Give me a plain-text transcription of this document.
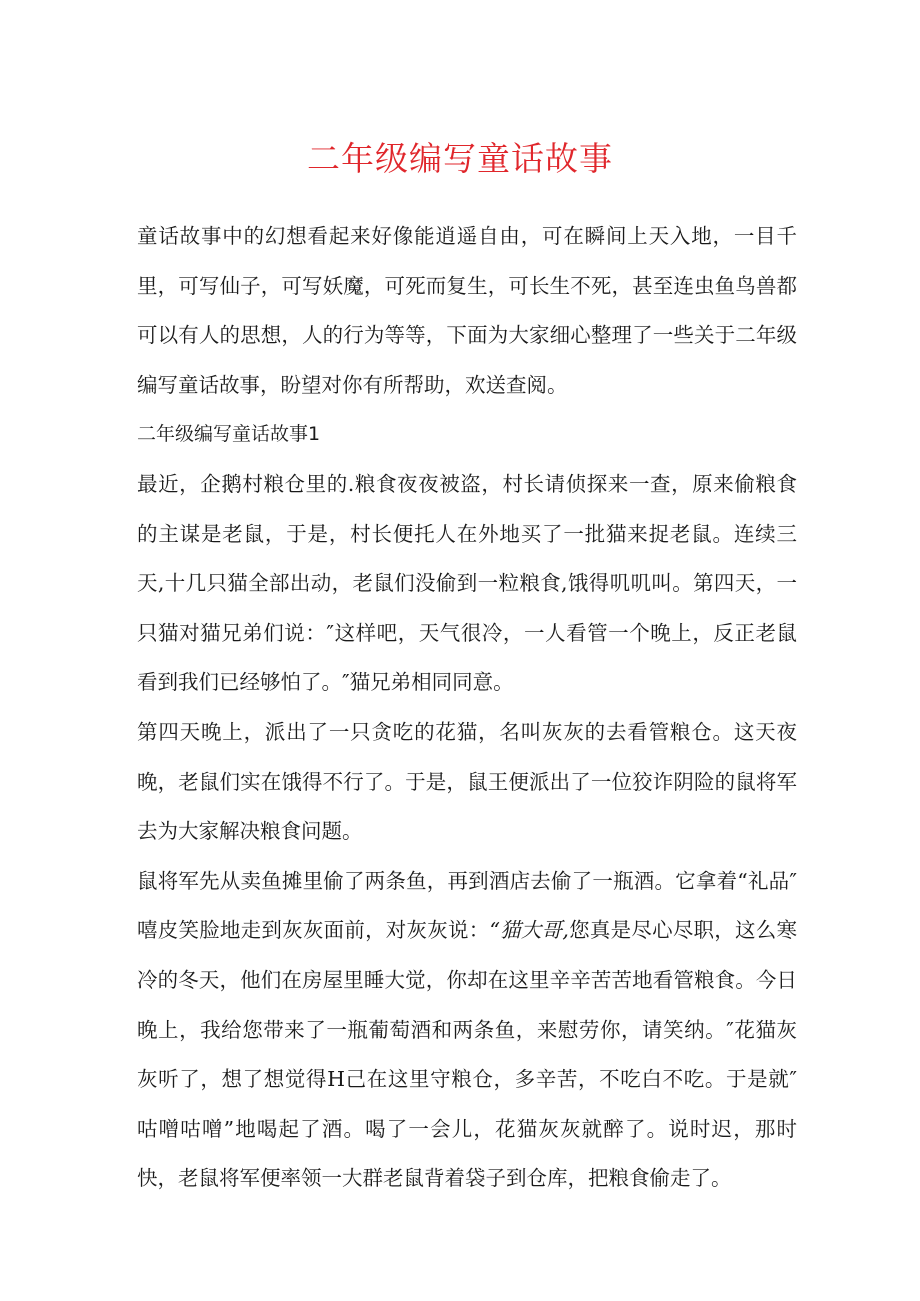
二年级编写童话故事

童话故事中的幻想看起来好像能逍遥自由，可在瞬间上天入地，一目千里，可写仙子，可写妖魔，可死而复生，可长生不死，甚至连虫鱼鸟兽都可以有人的思想，人的行为等等，下面为大家细心整理了一些关于二年级编写童话故事，盼望对你有所帮助，欢送查阅。

二年级编写童话故事1

最近，企鹅村粮仓里的.粮食夜夜被盗，村长请侦探来一查，原来偷粮食的主谋是老鼠，于是，村长便托人在外地买了一批猫来捉老鼠。连续三天,十几只猫全部出动，老鼠们没偷到一粒粮食,饿得叽叽叫。第四天，一只猫对猫兄弟们说：″这样吧，天气很冷，一人看管一个晚上，反正老鼠看到我们已经够怕了。″猫兄弟相同同意。

第四天晚上，派出了一只贪吃的花猫，名叫灰灰的去看管粮仓。这天夜晚，老鼠们实在饿得不行了。于是，鼠王便派出了一位狡诈阴险的鼠将军去为大家解决粮食问题。

鼠将军先从卖鱼摊里偷了两条鱼，再到酒店去偷了一瓶酒。它拿着“礼品″嘻皮笑脸地走到灰灰面前，对灰灰说：“猫大哥,您真是尽心尽职，这么寒冷的冬天，他们在房屋里睡大觉，你却在这里辛辛苦苦地看管粮食。今日晚上，我给您带来了一瓶葡萄酒和两条鱼，来慰劳你，请笑纳。″花猫灰灰听了，想了想觉得H己在这里守粮仓，多辛苦，不吃白不吃。于是就″咕噌咕噌”地喝起了酒。喝了一会儿，花猫灰灰就醉了。说时迟，那时快，老鼠将军便率领一大群老鼠背着袋子到仓库，把粮食偷走了。
